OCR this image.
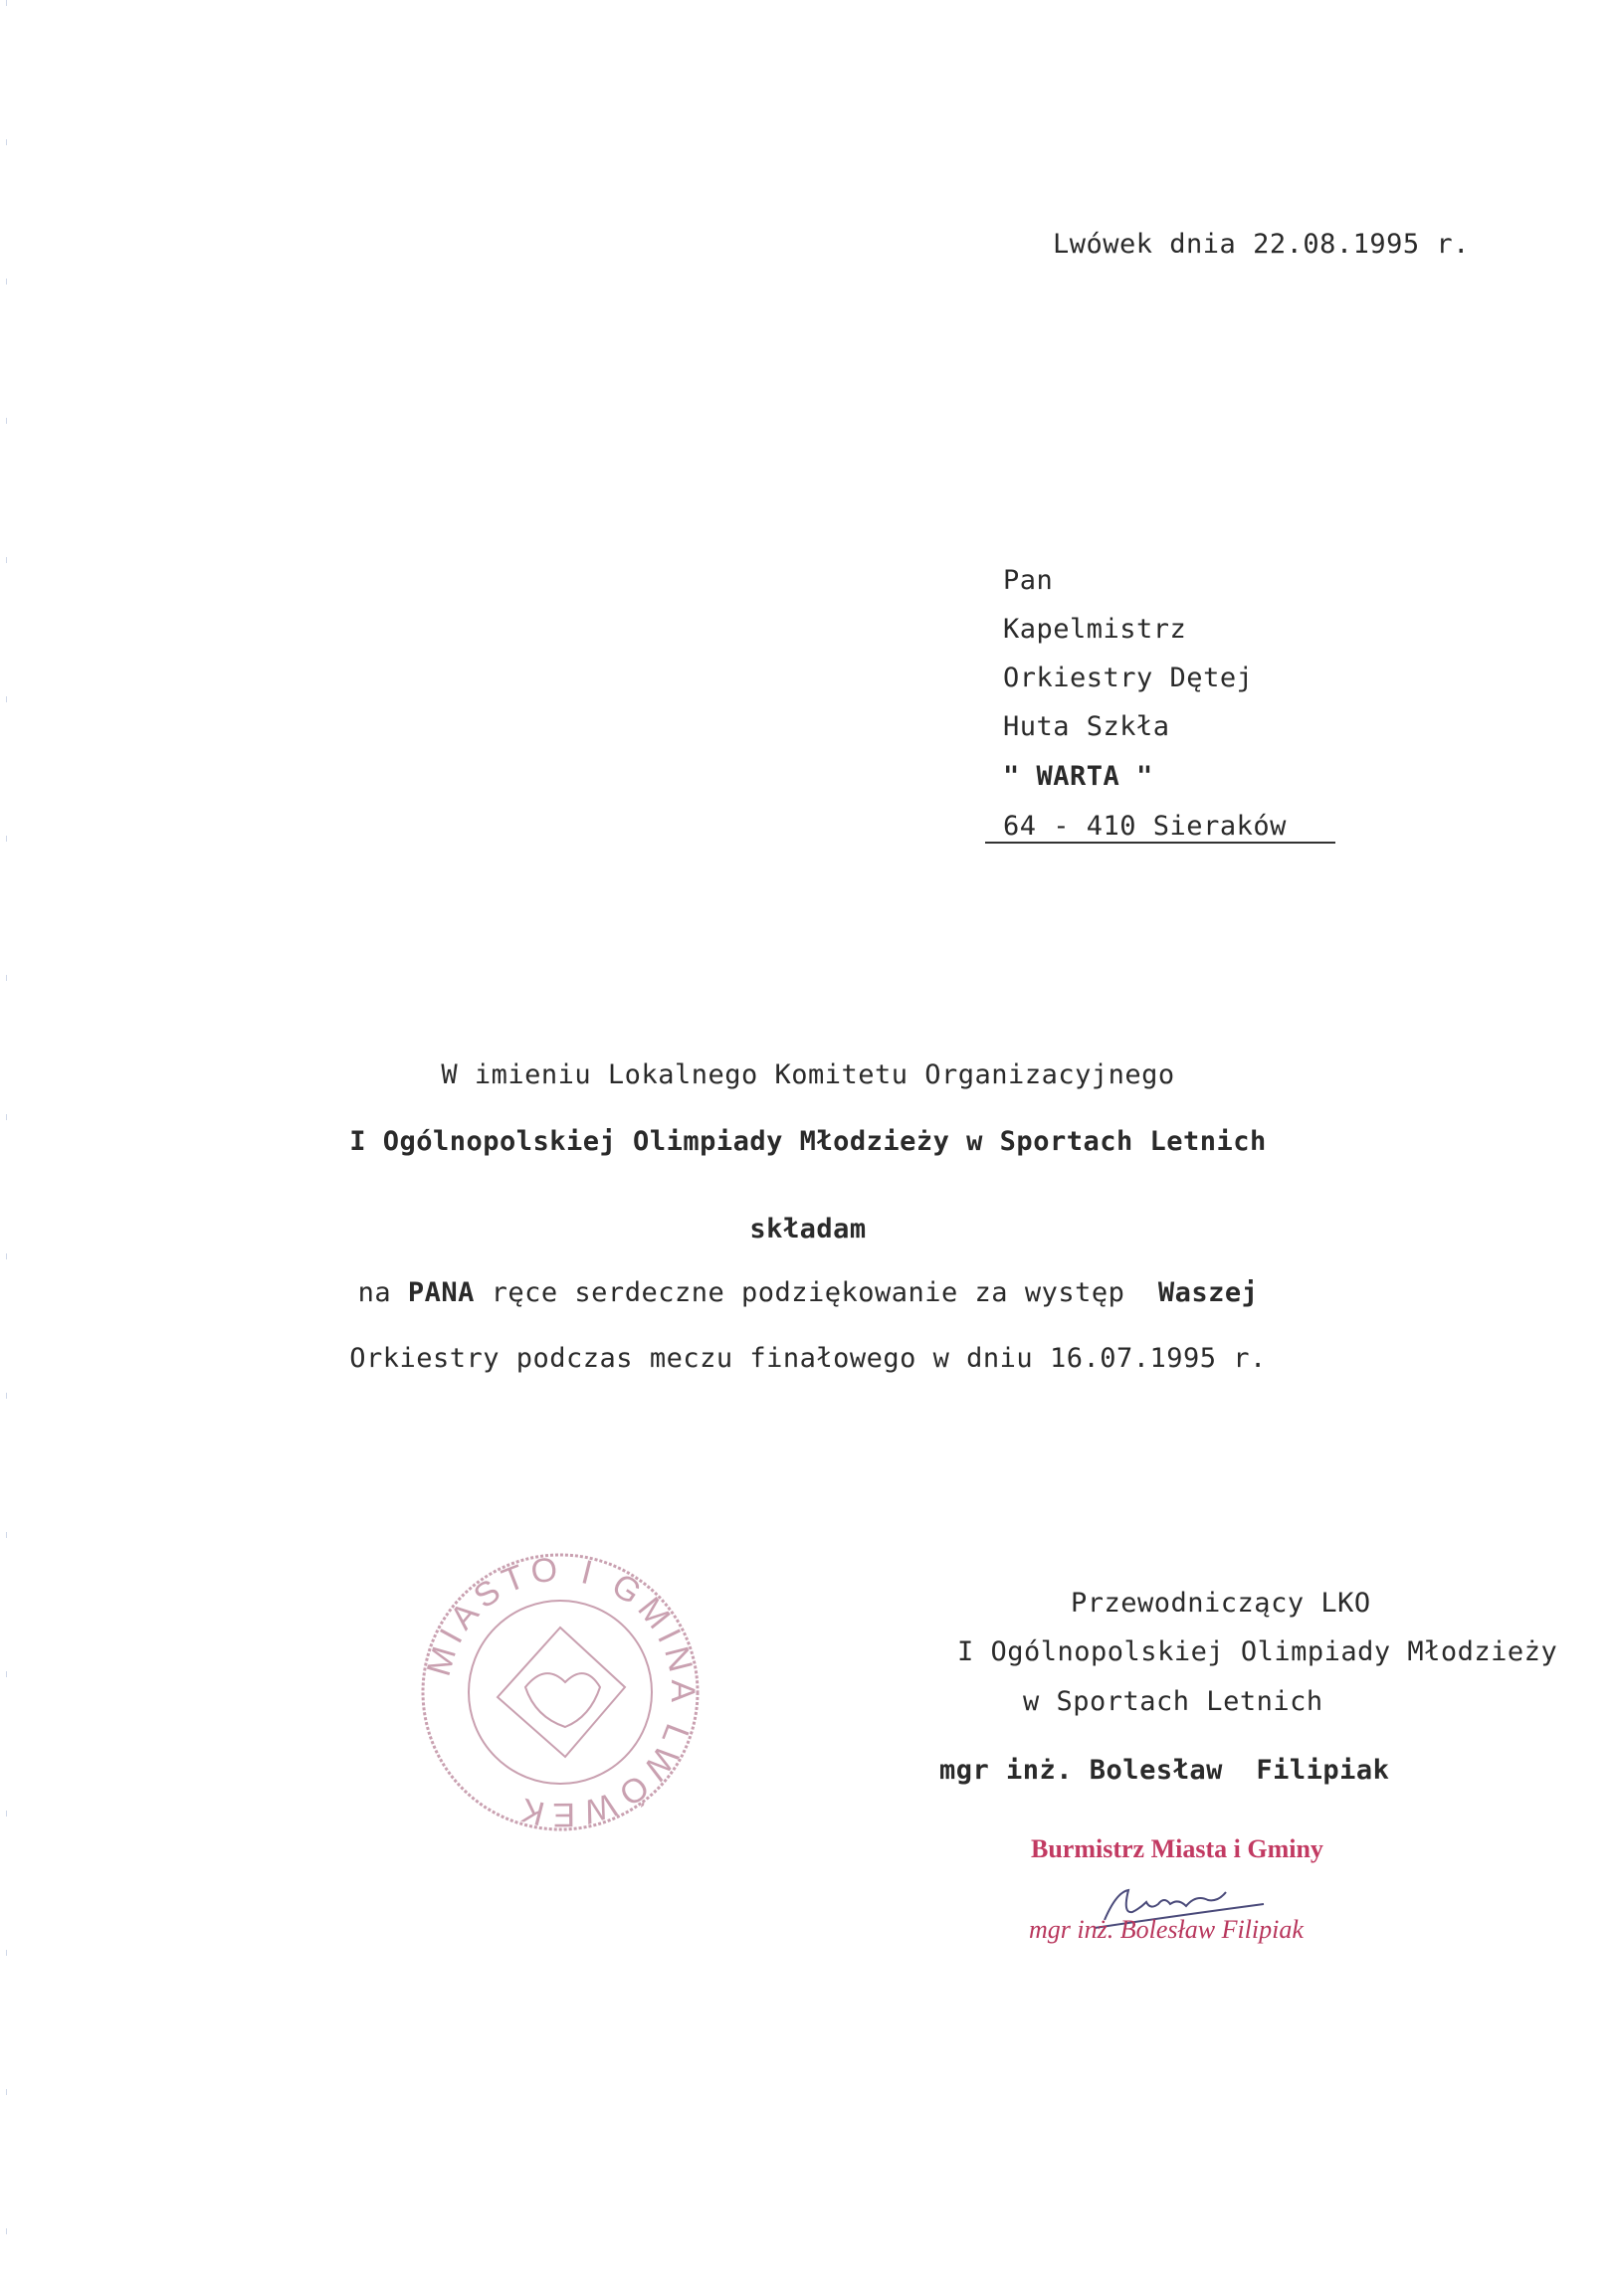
Lwówek dnia 22.08.1995 r.
Pan
Kapelmistrz
Orkiestry Dętej
Huta Szkła
" WARTA "
64 - 410 Sieraków
W imieniu Lokalnego Komitetu Organizacyjnego
I Ogólnopolskiej Olimpiady Młodzieży w Sportach Letnich
składam
na PANA ręce serdeczne podziękowanie za występ  Waszej
Orkiestry podczas meczu finałowego w dniu 16.07.1995 r.
MIASTO I GMINA LWÓWEK
Przewodniczący LKO
I Ogólnopolskiej Olimpiady Młodzieży
w Sportach Letnich
mgr inż. Bolesław  Filipiak
Burmistrz Miasta i Gminy
mgr inż. Bolesław Filipiak
